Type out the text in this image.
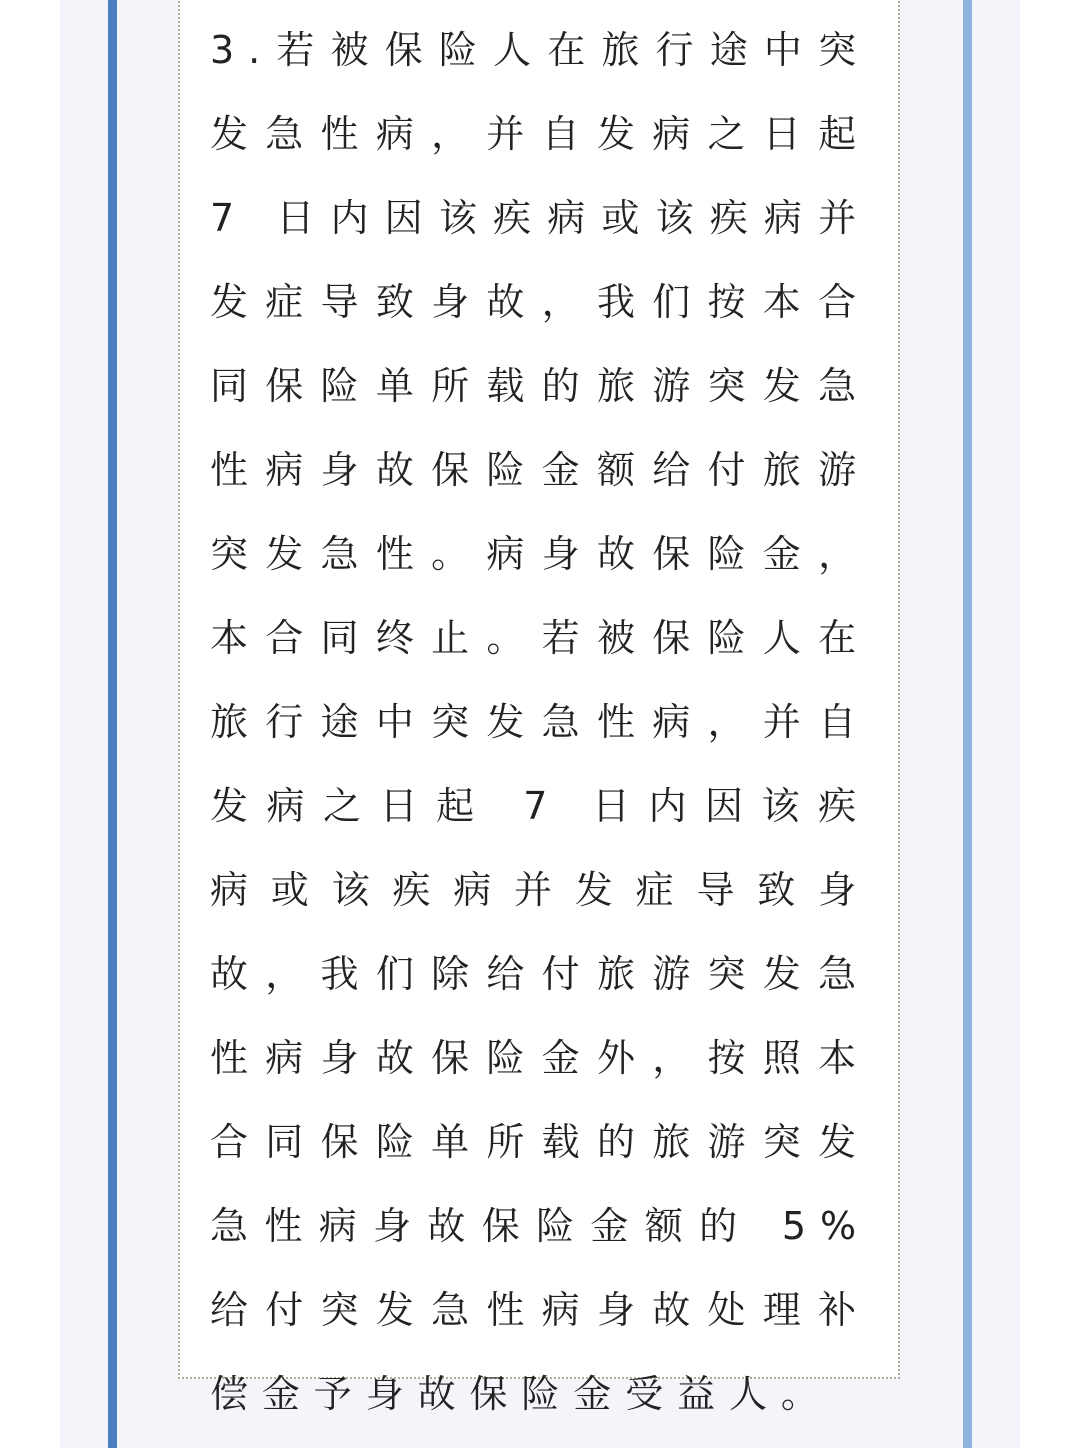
3.若被保险人在旅行途中突发急性病，并自发病之日起 7 日内因该疾病或该疾病并发症导致身故，我们按本合同保险单所载的旅游突发急性病身故保险金额给付旅游突发急性。病身故保险金，本合同终止。若被保险人在旅行途中突发急性病，并自发病之日起 7 日内因该疾病或该疾病并发症导致身故，我们除给付旅游突发急性病身故保险金外，按照本合同保险单所载的旅游突发急性病身故保险金额的 5%给付突发急性病身故处理补偿金予身故保险金受益人。
